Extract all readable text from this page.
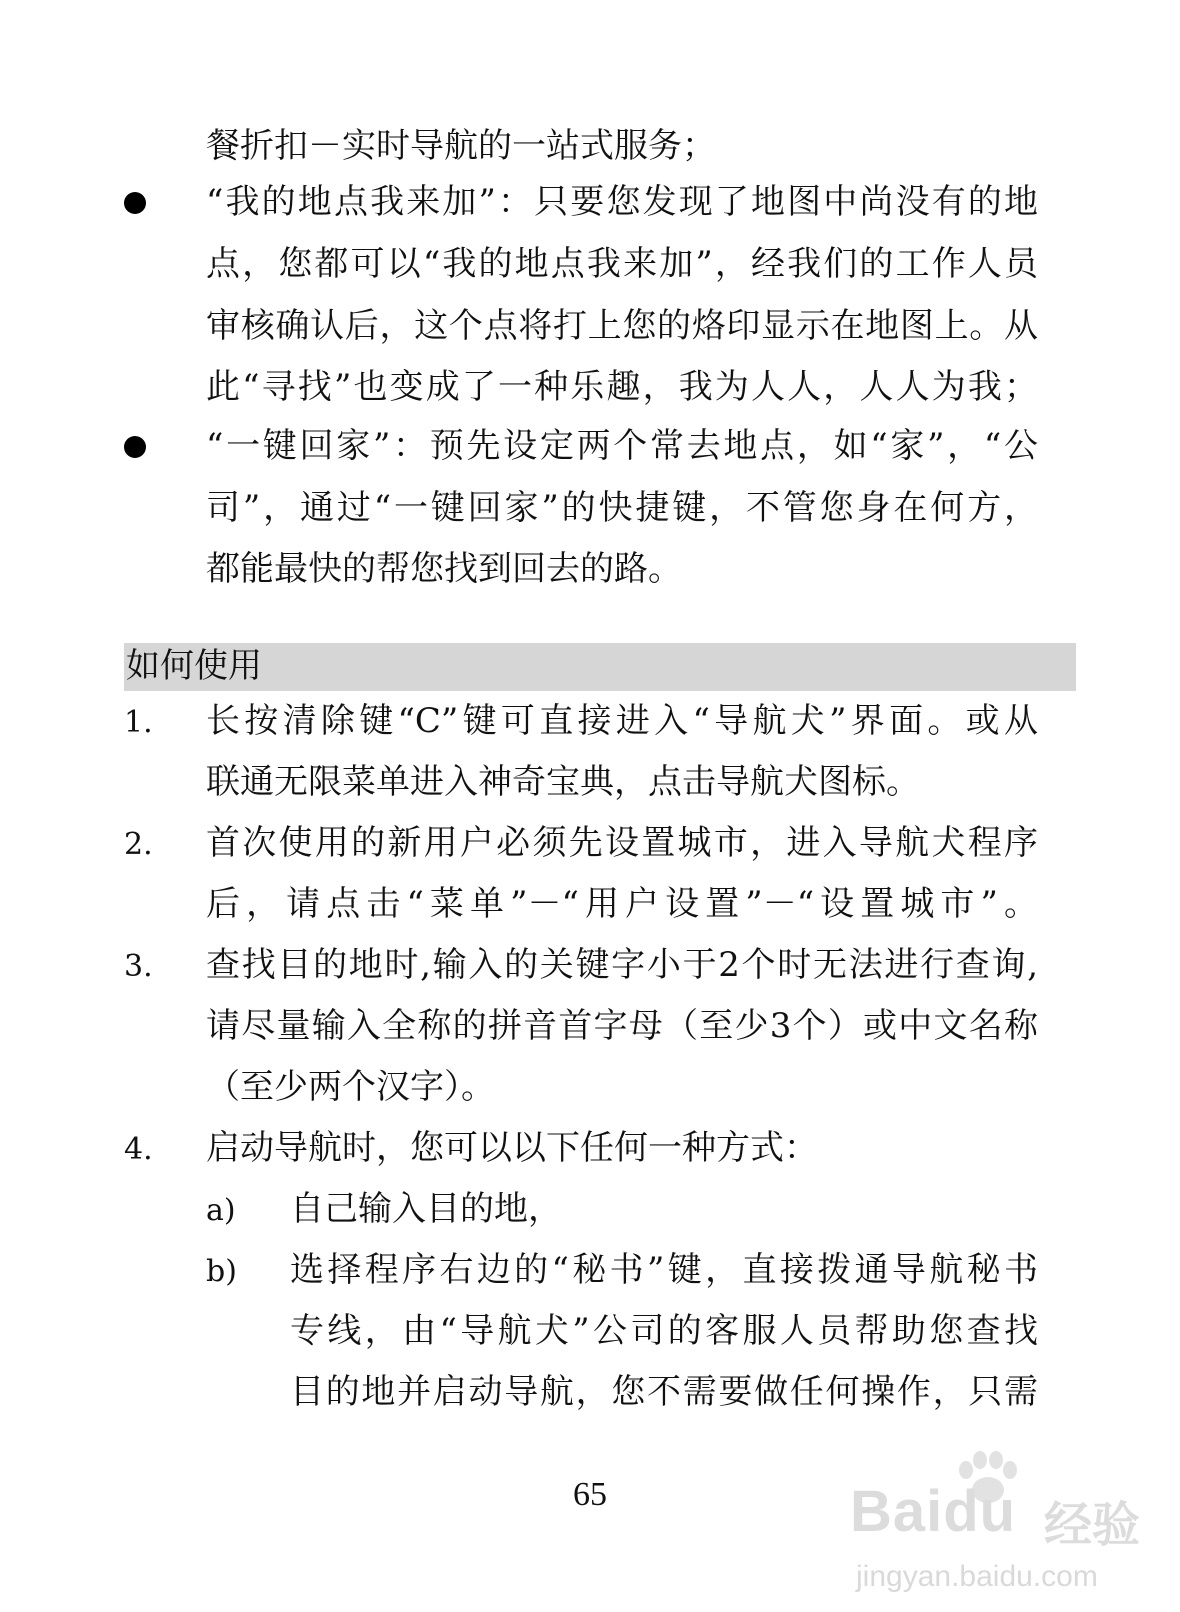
餐折扣－实时导航的一站式服务；
“我的地点我来加”：只要您发现了地图中尚没有的地
点，您都可以“我的地点我来加”，经我们的工作人员
审核确认后，这个点将打上您的烙印显示在地图上。从
此“寻找”也变成了一种乐趣，我为人人，人人为我；
“一键回家”：预先设定两个常去地点，如“家”，“公
司”，通过“一键回家”的快捷键，不管您身在何方，
都能最快的帮您找到回去的路。
如何使用
1. 长按清除键“C”键可直接进入“导航犬”界面。或从
联通无限菜单进入神奇宝典，点击导航犬图标。
2. 首次使用的新用户必须先设置城市，进入导航犬程序
后，请点击“菜单”－“用户设置”－“设置城市”。
3. 查找目的地时,输入的关键字小于2个时无法进行查询,
请尽量输入全称的拼音首字母（至少3个）或中文名称
（至少两个汉字）。
4. 启动导航时，您可以以下任何一种方式：
a) 自己输入目的地，
b) 选择程序右边的“秘书”键，直接拨通导航秘书
专线，由“导航犬”公司的客服人员帮助您查找
目的地并启动导航，您不需要做任何操作，只需
65	Baidu 经验
jingyan.baidu.com
